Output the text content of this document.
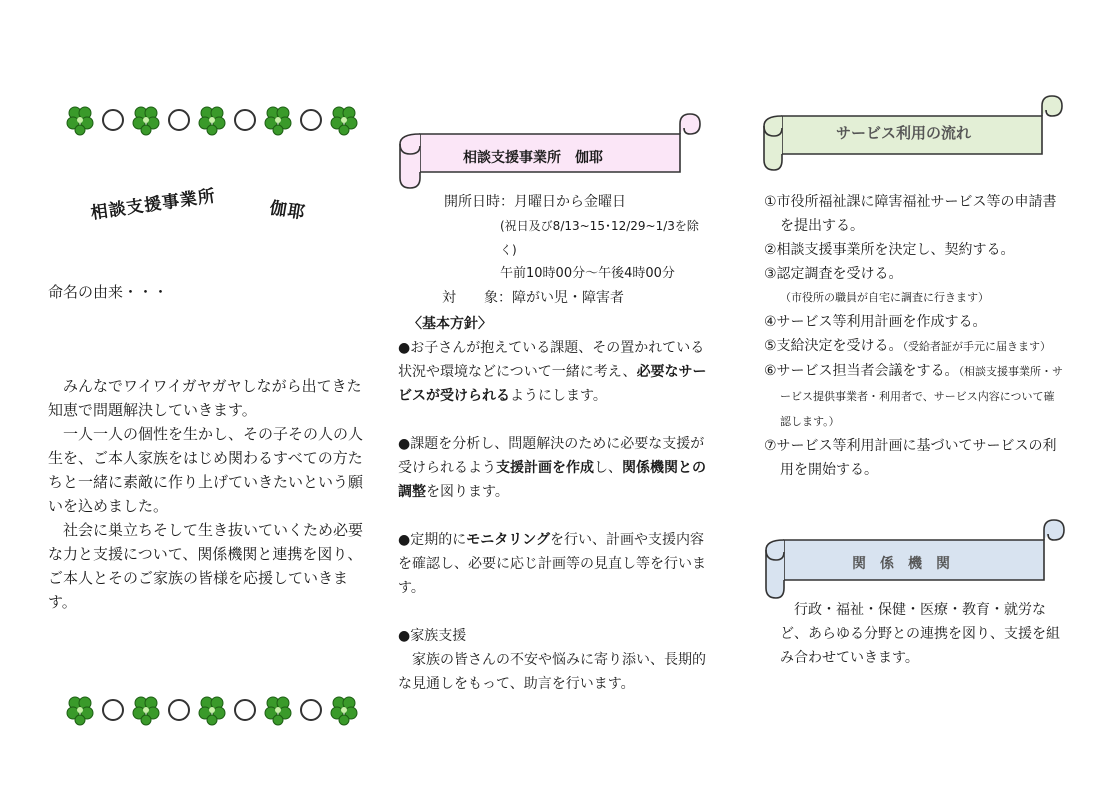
相談支援事業所	伽耶
命名の由来・・・

みんなでワイワイガヤガヤしながら出てきた知恵で問題解決していきます。

一人一人の個性を生かし、その子その人の人生を、ご本人家族をはじめ関わるすべての方たちと一緒に素敵に作り上げていきたいという願いを込めました。

社会に巣立ちそして生き抜いていくため必要な力と支援について、関係機関と連携を図り、ご本人とそのご家族の皆様を応援していきます。

相談支援事業所　伽耶
開所日時：月曜日から金曜日
(祝日及び8/13~15･12/29~1/3を除く)
午前10時00分～午後4時00分
対　　象：障がい児・障害者
〈基本方針〉

●お子さんが抱えている課題、その置かれている状況や環境などについて一緒に考え、必要なサービスが受けられるようにします。

●課題を分析し、問題解決のために必要な支援が受けられるよう支援計画を作成し、関係機関との調整を図ります。

●定期的にモニタリングを行い、計画や支援内容を確認し、必要に応じ計画等の見直し等を行います。

●家族支援

家族の皆さんの不安や悩みに寄り添い、長期的な見通しをもって、助言を行います。

サービス利用の流れ

①市役所福祉課に障害福祉サービス等の申請書を提出する。

②相談支援事業所を決定し、契約する。

③認定調査を受ける。

（市役所の職員が自宅に調査に行きます）

④サービス等利用計画を作成する。

⑤支給決定を受ける。（受給者証が手元に届きます）

⑥サービス担当者会議をする。（相談支援事業所・サービス提供事業者・利用者で、サービス内容について確認します。）

⑦サービス等利用計画に基づいてサービスの利用を開始する。

関　係　機　関

行政・福祉・保健・医療・教育・就労など、あらゆる分野との連携を図り、支援を組み合わせていきます。
